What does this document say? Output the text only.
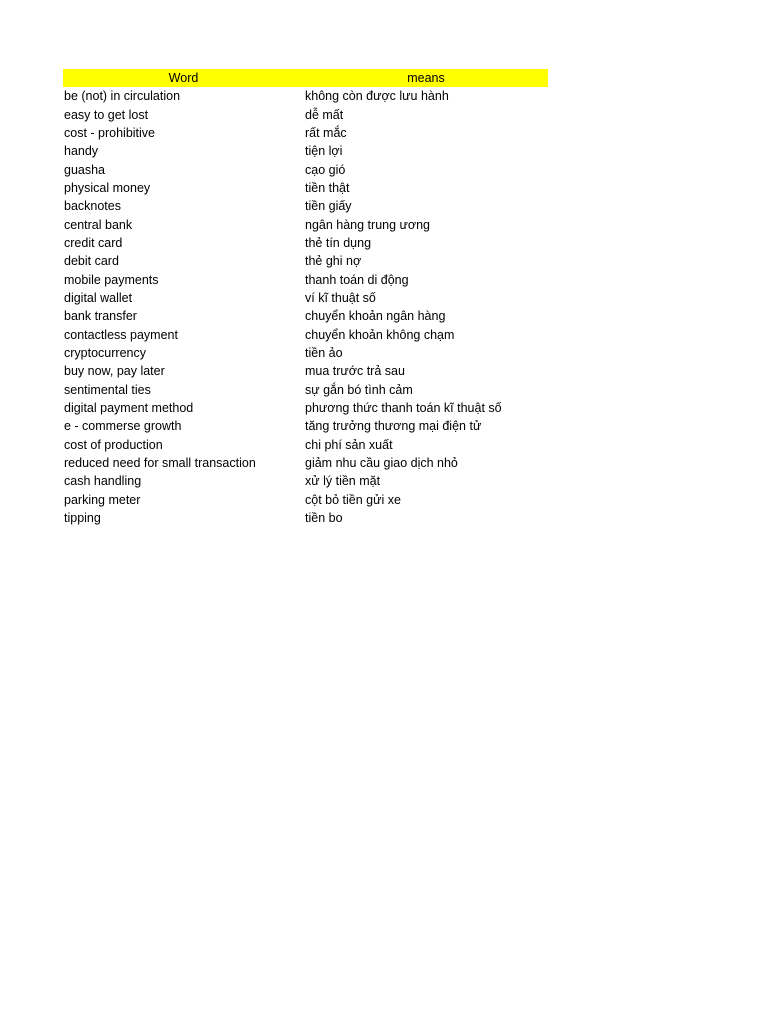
Word	means
be (not) in circulation	không còn được lưu hành
easy to get lost	dễ mất
cost - prohibitive	rất mắc
handy	tiện lợi
guasha	cạo gió
physical money	tiền thật
backnotes	tiền giấy
central bank	ngân hàng trung ương
credit card	thẻ tín dụng
debit card	thẻ ghi nợ
mobile payments	thanh toán di động
digital wallet	ví kĩ thuật số
bank transfer	chuyển khoản ngân hàng
contactless payment	chuyển khoản không chạm
cryptocurrency	tiền ảo
buy now, pay later	mua trước trả sau
sentimental ties	sự gắn bó tình cảm
digital payment method	phương thức thanh toán kĩ thuật số
e - commerse growth	tăng trưởng thương mại điện tử
cost of production	chi phí sản xuất
reduced need for small transaction	giảm nhu cầu giao dịch nhỏ
cash handling	xử lý tiền mặt
parking meter	cột bỏ tiền gửi xe
tipping	tiền bo
